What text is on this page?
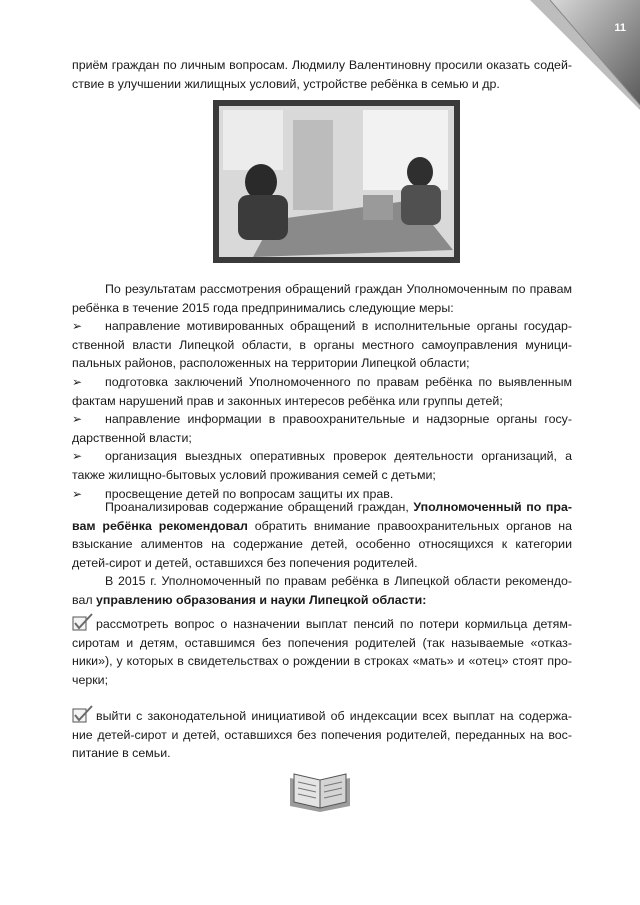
11

приём граждан по личным вопросам. Людмилу Валентиновну просили оказать содей-ствие в улучшении жилищных условий, устройстве ребёнка в семью и др.

По результатам рассмотрения обращений граждан Уполномоченным по правам ребёнка в течение 2015 года предпринимались следующие меры:

➢ направление мотивированных обращений в исполнительные органы государ-ственной власти Липецкой области, в органы местного самоуправления муници-пальных районов, расположенных на территории Липецкой области;
➢ подготовка заключений Уполномоченного по правам ребёнка по выявленным фактам нарушений прав и законных интересов ребёнка или группы детей;
➢ направление информации в правоохранительные и надзорные органы госу-дарственной власти;
➢ организация выездных оперативных проверок деятельности организаций, а также жилищно-бытовых условий проживания семей с детьми;
➢ просвещение детей по вопросам защиты их прав.

Проанализировав содержание обращений граждан, Уполномоченный по пра-вам ребёнка рекомендовал обратить внимание правоохранительных органов на взыскание алиментов на содержание детей, особенно относящихся к категории детей-сирот и детей, оставшихся без попечения родителей.

В 2015 г. Уполномоченный по правам ребёнка в Липецкой области рекомендо-вал управлению образования и науки Липецкой области:

рассмотреть вопрос о назначении выплат пенсий по потери кормильца детям-сиротам и детям, оставшимся без попечения родителей (так называемые «отказ-ники»), у которых в свидетельствах о рождении в строках «мать» и «отец» стоят про-черки;

выйти с законодательной инициативой об индексации всех выплат на содержа-ние детей-сирот и детей, оставшихся без попечения родителей, переданных на вос-питание в семьи.
